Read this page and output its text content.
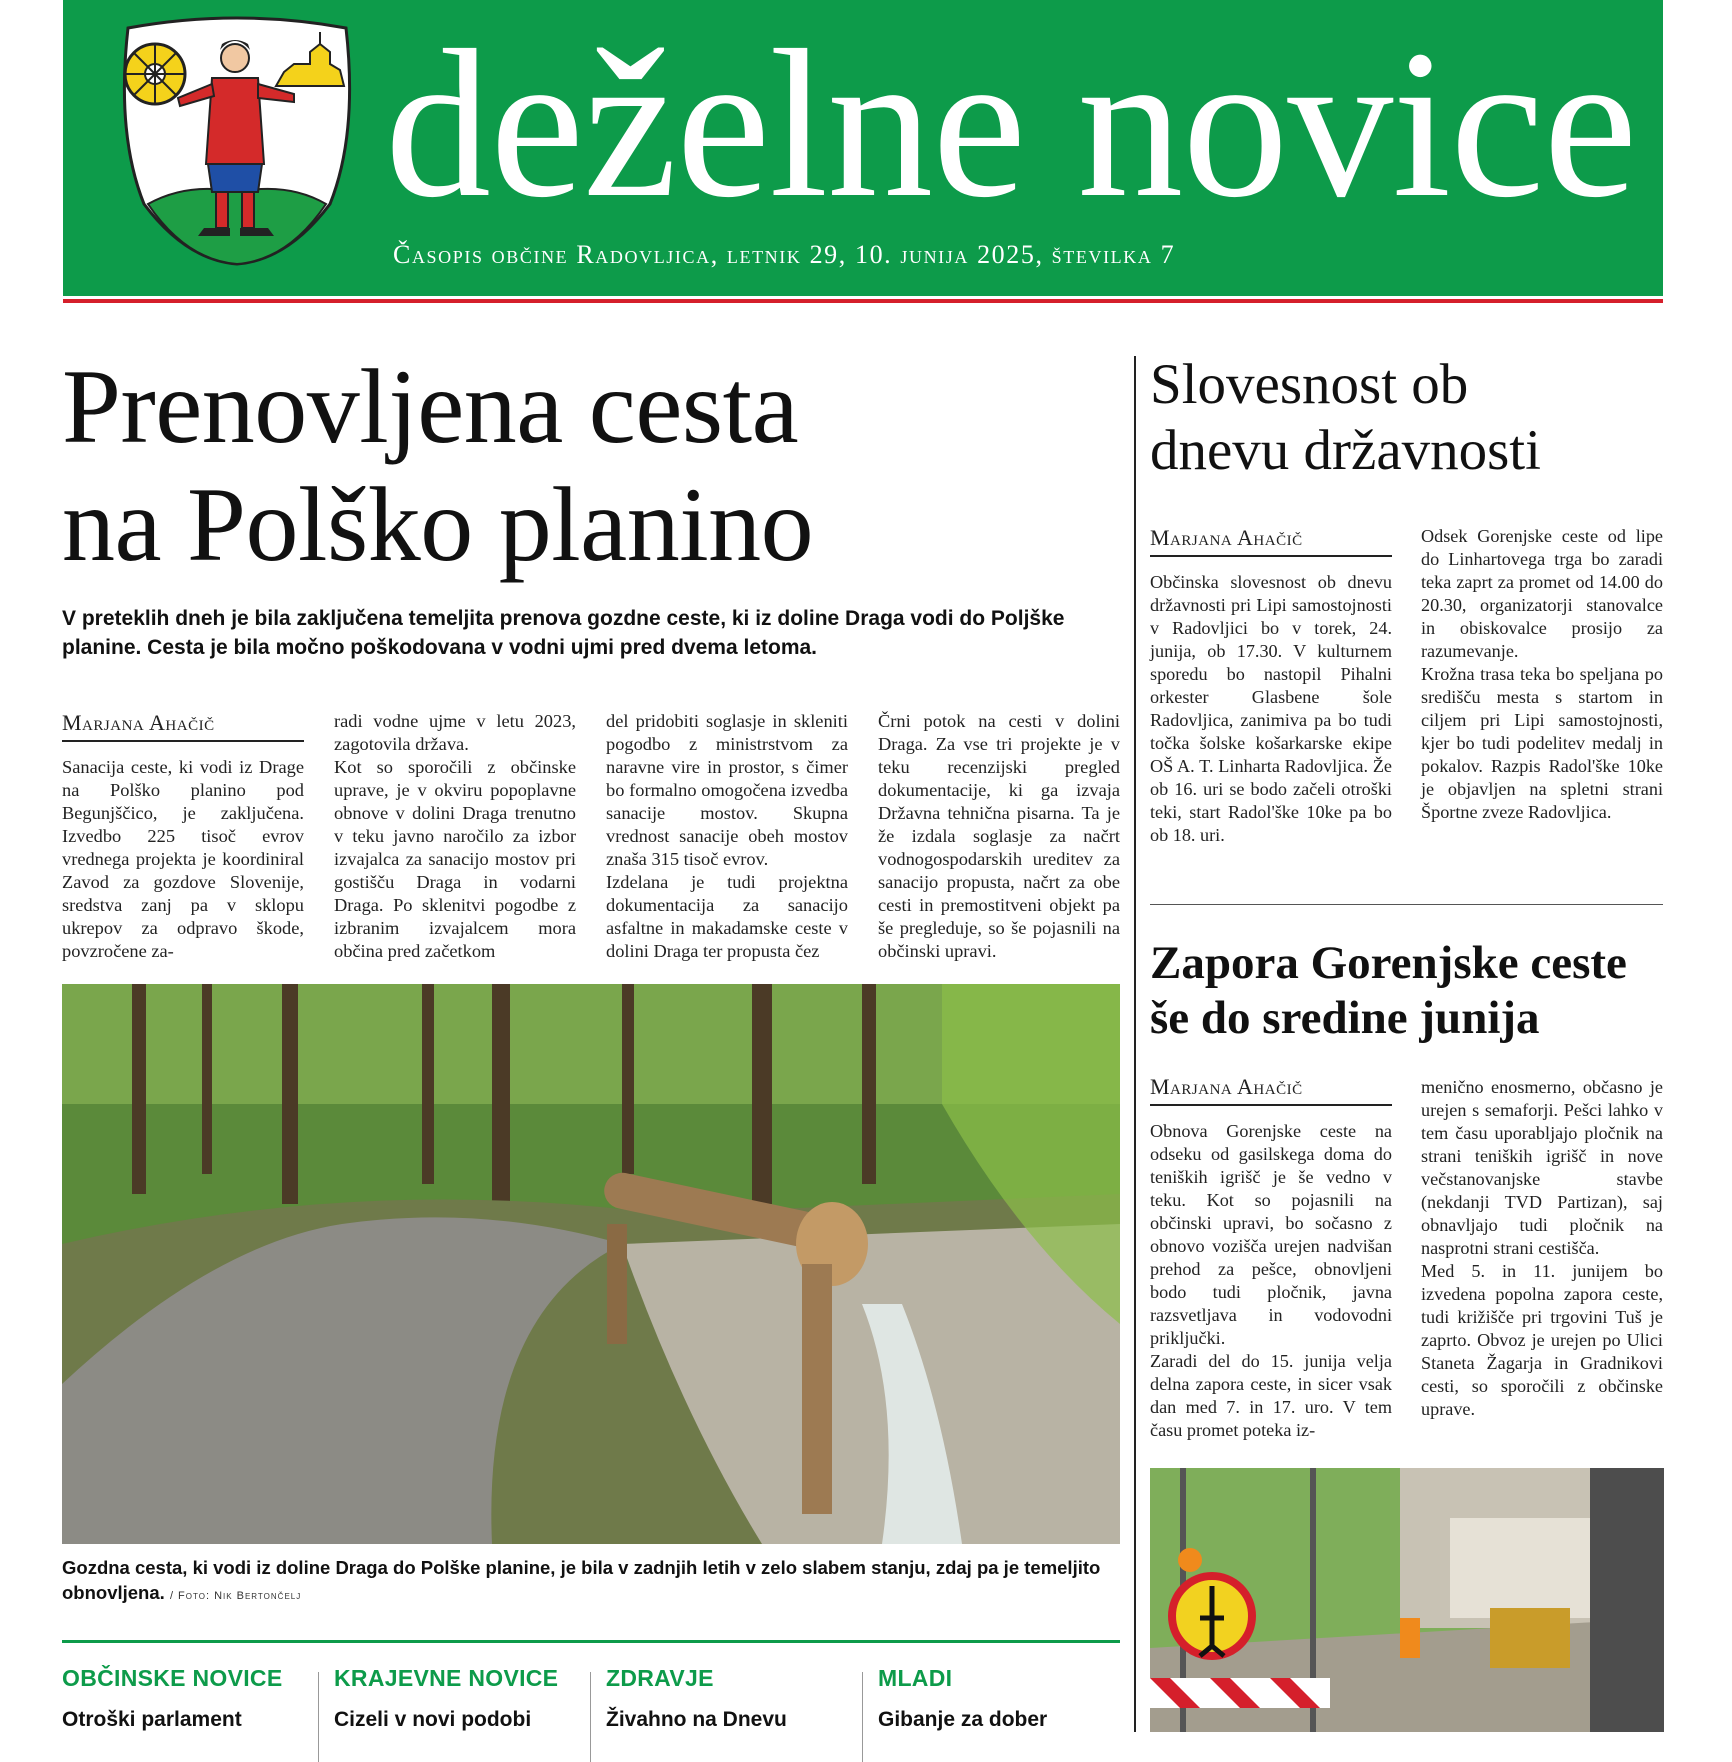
deželne novice
Časopis občine Radovljica, letnik 29, 10. junija 2025, številka 7
Prenovljena cesta
na Polško planino

V preteklih dneh je bila zaključena temeljita prenova gozdne ceste, ki iz doline Draga vodi do Poljške planine. Cesta je bila močno poškodovana v vodni ujmi pred dvema letoma.

Marjana Ahačič

Sanacija ceste, ki vodi iz Drage na Polško planino pod Begunjščico, je zaključena. Izvedbo 225 tisoč evrov vrednega projekta je koordiniral Zavod za gozdove Slovenije, sredstva zanj pa v sklopu ukrepov za odpravo škode, povzročene za-

radi vodne ujme v letu 2023, zagotovila država.

Kot so sporočili z občinske uprave, je v okviru popoplavne obnove v dolini Draga trenutno v teku javno naročilo za izbor izvajalca za sanacijo mostov pri gostišču Draga in vodarni Draga. Po sklenitvi pogodbe z izbranim izvajalcem mora občina pred začetkom

del pridobiti soglasje in skleniti pogodbo z ministrstvom za naravne vire in prostor, s čimer bo formalno omogočena izvedba sanacije mostov. Skupna vrednost sanacije obeh mostov znaša 315 tisoč evrov.

Izdelana je tudi projektna dokumentacija za sanacijo asfaltne in makadamske ceste v dolini Draga ter propusta čez

Črni potok na cesti v dolini Draga. Za vse tri projekte je v teku recenzijski pregled dokumentacije, ki ga izvaja Državna tehnična pisarna. Ta je že izdala soglasje za načrt vodnogospodarskih ureditev za sanacijo propusta, načrt za obe cesti in premostitveni objekt pa še pregleduje, so še pojasnili na občinski upravi.

Gozdna cesta, ki vodi iz doline Draga do Polške planine, je bila v zadnjih letih v zelo slabem stanju, zdaj pa je temeljito obnovljena. / Foto: Nik Bertončelj
OBČINSKE NOVICE
Otroški parlament
KRAJEVNE NOVICE
Cizeli v novi podobi
ZDRAVJE
Živahno na Dnevu
MLADI
Gibanje za dober
Slovesnost ob
dnevu državnosti
Marjana Ahačič

Občinska slovesnost ob dnevu državnosti pri Lipi samostojnosti v Radovljici bo v torek, 24. junija, ob 17.30. V kulturnem sporedu bo nastopil Pihalni orkester Glasbene šole Radovljica, zanimiva pa bo tudi točka šolske košarkarske ekipe OŠ A. T. Linharta Radovljica. Že ob 16. uri se bodo začeli otroški teki, start Radol'ške 10ke pa bo ob 18. uri.

Odsek Gorenjske ceste od lipe do Linhartovega trga bo zaradi teka zaprt za promet od 14.00 do 20.30, organizatorji stanovalce in obiskovalce prosijo za razumevanje.

Krožna trasa teka bo speljana po središču mesta s startom in ciljem pri Lipi samostojnosti, kjer bo tudi podelitev medalj in pokalov. Razpis Radol'ške 10ke je objavljen na spletni strani Športne zveze Radovljica.

Zapora Gorenjske ceste
še do sredine junija
Marjana Ahačič

Obnova Gorenjske ceste na odseku od gasilskega doma do teniških igrišč je še vedno v teku. Kot so pojasnili na občinski upravi, bo sočasno z obnovo vozišča urejen nadvišan prehod za pešce, obnovljeni bodo tudi pločnik, javna razsvetljava in vodovodni priključki.

Zaradi del do 15. junija velja delna zapora ceste, in sicer vsak dan med 7. in 17. uro. V tem času promet poteka iz-

menično enosmerno, občasno je urejen s semaforji. Pešci lahko v tem času uporabljajo pločnik na strani teniških igrišč in nove večstanovanjske stavbe (nekdanji TVD Partizan), saj obnavljajo tudi pločnik na nasprotni strani cestišča.

Med 5. in 11. junijem bo izvedena popolna zapora ceste, tudi križišče pri trgovini Tuš je zaprto. Obvoz je urejen po Ulici Staneta Žagarja in Gradnikovi cesti, so sporočili z občinske uprave.
